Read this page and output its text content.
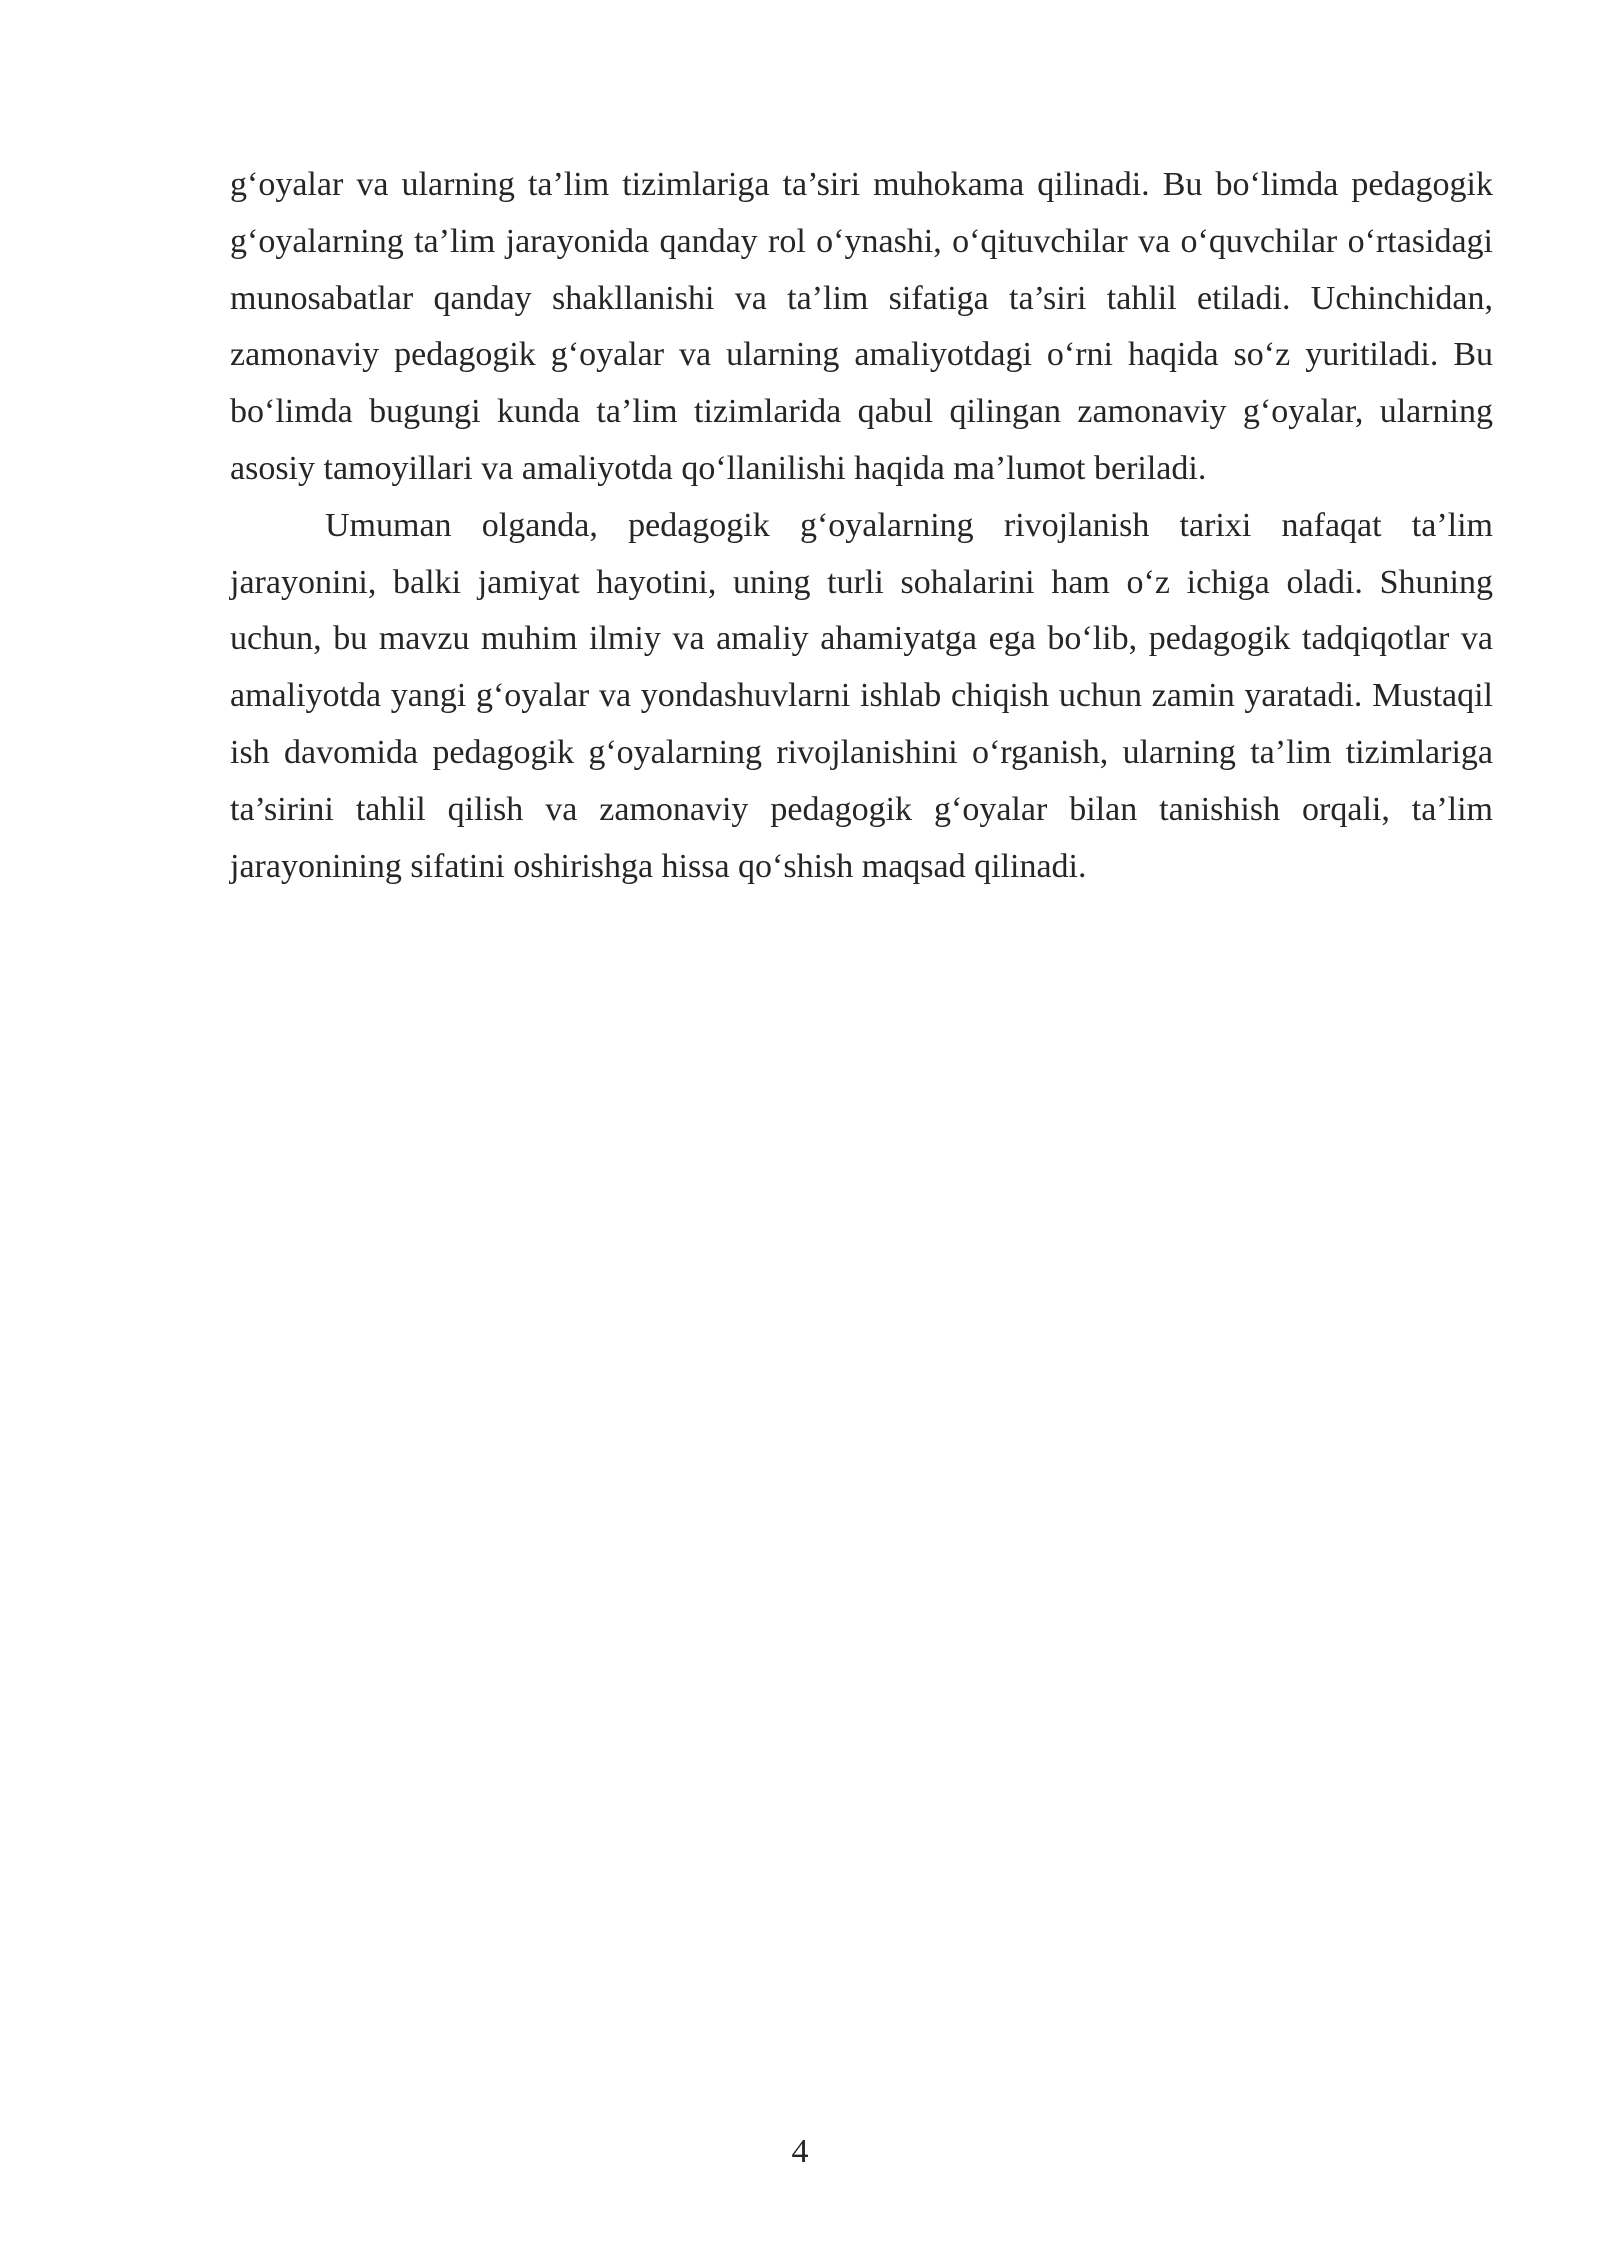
g‘oyalar va ularning ta’lim tizimlariga ta’siri muhokama qilinadi. Bu bo‘limda pedagogik g‘oyalarning ta’lim jarayonida qanday rol o‘ynashi, o‘qituvchilar va o‘quvchilar o‘rtasidagi munosabatlar qanday shakllanishi va ta’lim sifatiga ta’siri tahlil etiladi. Uchinchidan, zamonaviy pedagogik g‘oyalar va ularning amaliyotdagi o‘rni haqida so‘z yuritiladi. Bu bo‘limda bugungi kunda ta’lim tizimlarida qabul qilingan zamonaviy g‘oyalar, ularning asosiy tamoyillari va amaliyotda qo‘llanilishi haqida ma’lumot beriladi.

Umuman olganda, pedagogik g‘oyalarning rivojlanish tarixi nafaqat ta’lim jarayonini, balki jamiyat hayotini, uning turli sohalarini ham o‘z ichiga oladi. Shuning uchun, bu mavzu muhim ilmiy va amaliy ahamiyatga ega bo‘lib, pedagogik tadqiqotlar va amaliyotda yangi g‘oyalar va yondashuvlarni ishlab chiqish uchun zamin yaratadi. Mustaqil ish davomida pedagogik g‘oyalarning rivojlanishini o‘rganish, ularning ta’lim tizimlariga ta’sirini tahlil qilish va zamonaviy pedagogik g‘oyalar bilan tanishish orqali, ta’lim jarayonining sifatini oshirishga hissa qo‘shish maqsad qilinadi.

4
